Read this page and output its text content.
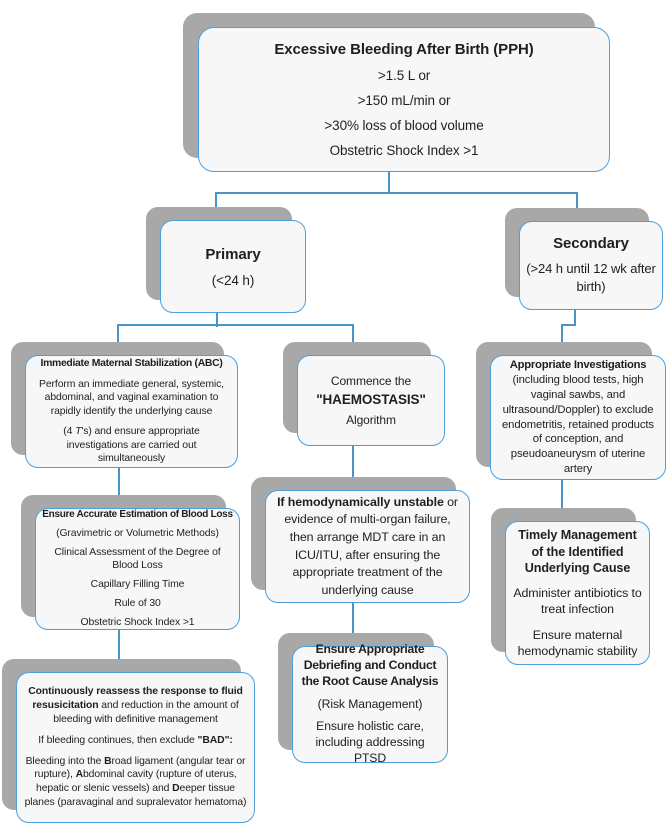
Excessive Bleeding After Birth (PPH)
>1.5 L or
>150 mL/min or
>30% loss of blood volume
Obstetric Shock Index >1
Primary
(<24 h)
Secondary
(>24 h until 12 wk after birth)
Immediate Maternal Stabilization (ABC)
Perform an immediate general, systemic, abdominal, and vaginal examination to rapidly identify the underlying cause
(4 T's) and ensure appropriate investigations are carried out simultaneously
Commence the
"HAEMOSTASIS"
Algorithm
Appropriate Investigations
(including blood tests, high vaginal sawbs, and ultrasound/Doppler) to exclude endometritis, retained products of conception, and pseudoaneurysm of uterine artery
Ensure Accurate Estimation of Blood Loss
(Gravimetric or Volumetric Methods)
Clinical Assessment of the Degree of Blood Loss
Capillary Filling Time
Rule of 30
Obstetric Shock Index >1
If hemodynamically unstable or evidence of multi-organ failure, then arrange MDT care in an ICU/ITU, after ensuring the appropriate treatment of the underlying cause
Timely Management of the Identified Underlying Cause
Administer antibiotics to treat infection
Ensure maternal hemodynamic stability
Continuously reassess the response to fluid resusicitation and reduction in the amount of bleeding with definitive management
If bleeding continues, then exclude "BAD":
Bleeding into the Broad ligament (angular tear or rupture), Abdominal cavity (rupture of uterus, hepatic or slenic vessels) and Deeper tissue planes (paravaginal and supralevator hematoma)
Ensure Appropriate Debriefing and Conduct the Root Cause Analysis
(Risk Management)
Ensure holistic care, including addressing PTSD
